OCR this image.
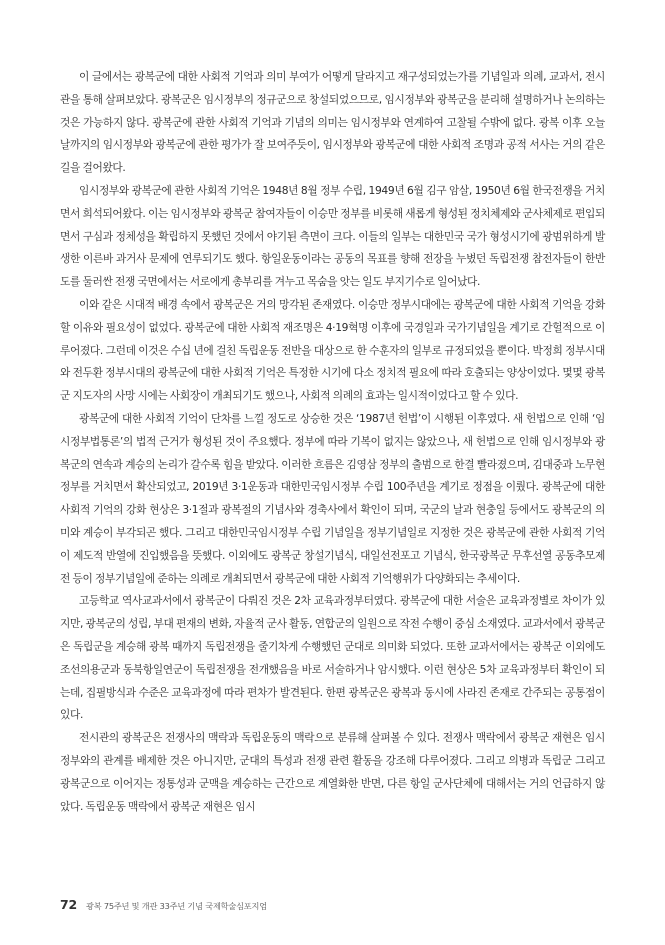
이 글에서는 광복군에 대한 사회적 기억과 의미 부여가 어떻게 달라지고 재구성되었는가를 기념일과 의례, 교과서, 전시관을 통해 살펴보았다. 광복군은 임시정부의 정규군으로 창설되었으므로, 임시정부와 광복군을 분리해 설명하거나 논의하는 것은 가능하지 않다. 광복군에 관한 사회적 기억과 기념의 의미는 임시정부와 연계하여 고찰될 수밖에 없다. 광복 이후 오늘날까지의 임시정부와 광복군에 관한 평가가 잘 보여주듯이, 임시정부와 광복군에 대한 사회적 조명과 공적 서사는 거의 같은 길을 걸어왔다.

임시정부와 광복군에 관한 사회적 기억은 1948년 8월 정부 수립, 1949년 6월 김구 암살, 1950년 6월 한국전쟁을 거치면서 희석되어왔다. 이는 임시정부와 광복군 참여자들이 이승만 정부를 비롯해 새롭게 형성된 정치체제와 군사체제로 편입되면서 구심과 정체성을 확립하지 못했던 것에서 야기된 측면이 크다. 이들의 일부는 대한민국 국가 형성시기에 광범위하게 발생한 이른바 과거사 문제에 연루되기도 했다. 항일운동이라는 공동의 목표를 향해 전장을 누볐던 독립전쟁 참전자들이 한반도를 둘러싼 전쟁 국면에서는 서로에게 총부리를 겨누고 목숨을 앗는 일도 부지기수로 일어났다.

이와 같은 시대적 배경 속에서 광복군은 거의 망각된 존재였다. 이승만 정부시대에는 광복군에 대한 사회적 기억을 강화할 이유와 필요성이 없었다. 광복군에 대한 사회적 재조명은 4·19혁명 이후에 국경일과 국가기념일을 계기로 간헐적으로 이루어졌다. 그런데 이것은 수십 년에 걸친 독립운동 전반을 대상으로 한 수훈자의 일부로 규정되었을 뿐이다. 박정희 정부시대와 전두환 정부시대의 광복군에 대한 사회적 기억은 특정한 시기에 다소 정치적 필요에 따라 호출되는 양상이었다. 몇몇 광복군 지도자의 사망 시에는 사회장이 개최되기도 했으나, 사회적 의례의 효과는 일시적이었다고 할 수 있다.

광복군에 대한 사회적 기억이 단차를 느낄 정도로 상승한 것은 ‘1987년 헌법’이 시행된 이후였다. 새 헌법으로 인해 ‘임시정부법통론’의 법적 근거가 형성된 것이 주요했다. 정부에 따라 기복이 없지는 않았으나, 새 헌법으로 인해 임시정부와 광복군의 연속과 계승의 논리가 갈수록 힘을 받았다. 이러한 흐름은 김영삼 정부의 출범으로 한결 빨라졌으며, 김대중과 노무현 정부를 거치면서 확산되었고, 2019년 3·1운동과 대한민국임시정부 수립 100주년을 계기로 정점을 이뤘다. 광복군에 대한 사회적 기억의 강화 현상은 3·1절과 광복절의 기념사와 경축사에서 확인이 되며, 국군의 날과 현충일 등에서도 광복군의 의미와 계승이 부각되곤 했다. 그리고 대한민국임시정부 수립 기념일을 정부기념일로 지정한 것은 광복군에 관한 사회적 기억이 제도적 반열에 진입했음을 뜻했다. 이외에도 광복군 창설기념식, 대일선전포고 기념식, 한국광복군 무후선열 공동추모제전 등이 정부기념일에 준하는 의례로 개최되면서 광복군에 대한 사회적 기억행위가 다양화되는 추세이다.

고등학교 역사교과서에서 광복군이 다뤄진 것은 2차 교육과정부터였다. 광복군에 대한 서술은 교육과정별로 차이가 있지만, 광복군의 성립, 부대 편재의 변화, 자율적 군사 활동, 연합군의 일원으로 작전 수행이 중심 소재였다. 교과서에서 광복군은 독립군을 계승해 광복 때까지 독립전쟁을 줄기차게 수행했던 군대로 의미화 되었다. 또한 교과서에서는 광복군 이외에도 조선의용군과 동북항일연군이 독립전쟁을 전개했음을 바로 서술하거나 암시했다. 이런 현상은 5차 교육과정부터 확인이 되는데, 집필방식과 수준은 교육과정에 따라 편차가 발견된다. 한편 광복군은 광복과 동시에 사라진 존재로 간주되는 공통점이 있다.

전시관의 광복군은 전쟁사의 맥락과 독립운동의 맥락으로 분류해 살펴볼 수 있다. 전쟁사 맥락에서 광복군 재현은 임시정부와의 관계를 배제한 것은 아니지만, 군대의 특성과 전쟁 관련 활동을 강조해 다루어졌다. 그리고 의병과 독립군 그리고 광복군으로 이어지는 정통성과 군맥을 계승하는 근간으로 계열화한 반면, 다른 항일 군사단체에 대해서는 거의 언급하지 않았다. 독립운동 맥락에서 광복군 재현은 임시

72 광복 75주년 및 개관 33주년 기념 국제학술심포지엄
